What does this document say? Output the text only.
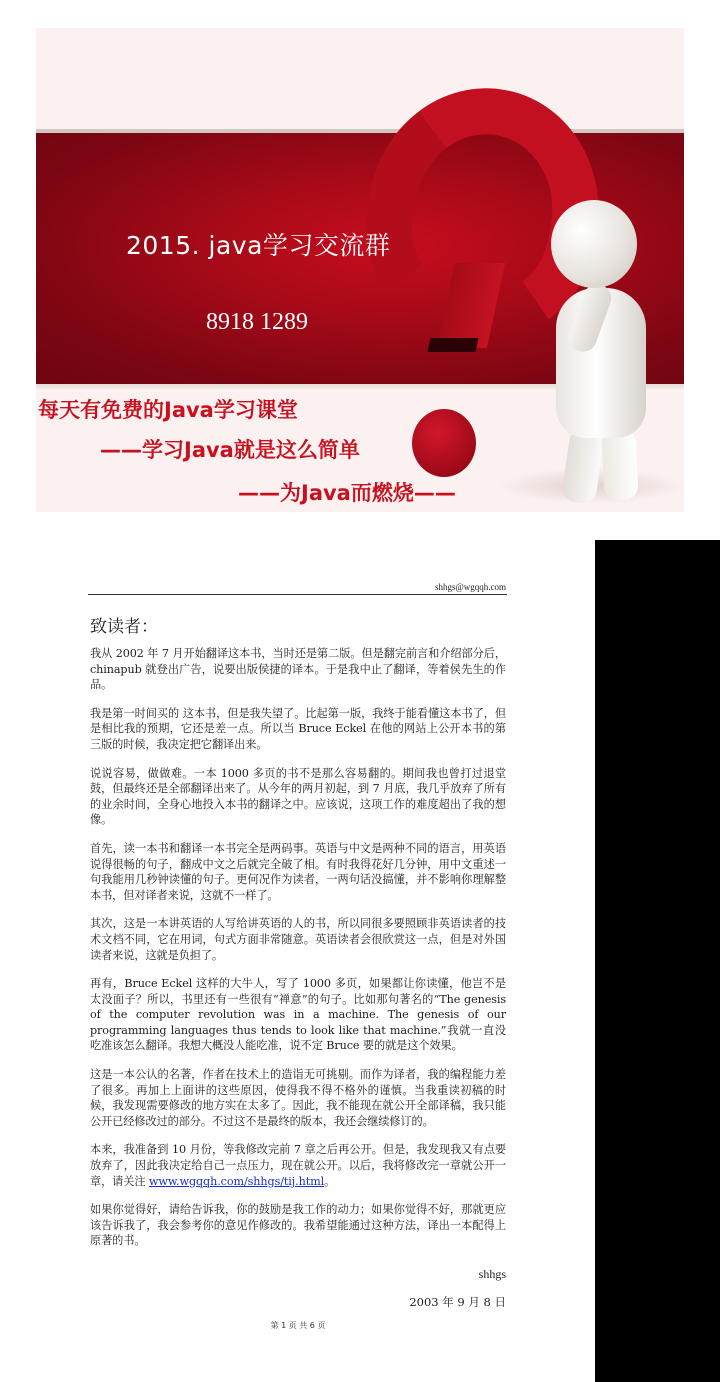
2015. java学习交流群
8918 1289
每天有免费的Java学习课堂
——学习Java就是这么简单
——为Java而燃烧——
shhgs@wgqqh.com
致读者：

我从 2002 年 7 月开始翻译这本书，当时还是第二版。但是翻完前言和介绍部分后，chinapub 就登出广告，说要出版侯捷的译本。于是我中止了翻译，等着侯先生的作品。

我是第一时间买的 这本书，但是我失望了。比起第一版，我终于能看懂这本书了，但是相比我的预期，它还是差一点。所以当 Bruce Eckel 在他的网站上公开本书的第三版的时候，我决定把它翻译出来。

说说容易，做做难。一本 1000 多页的书不是那么容易翻的。期间我也曾打过退堂鼓，但最终还是全部翻译出来了。从今年的两月初起，到 7 月底，我几乎放弃了所有的业余时间，全身心地投入本书的翻译之中。应该说，这项工作的难度超出了我的想像。

首先，读一本书和翻译一本书完全是两码事。英语与中文是两种不同的语言，用英语说得很畅的句子，翻成中文之后就完全破了相。有时我得花好几分钟，用中文重述一句我能用几秒钟读懂的句子。更何况作为读者，一两句话没搞懂，并不影响你理解整本书，但对译者来说，这就不一样了。

其次，这是一本讲英语的人写给讲英语的人的书，所以同很多要照顾非英语读者的技术文档不同，它在用词，句式方面非常随意。英语读者会很欣赏这一点，但是对外国读者来说，这就是负担了。

再有，Bruce Eckel 这样的大牛人，写了 1000 多页，如果都让你读懂，他岂不是太没面子？所以，书里还有一些很有“禅意”的句子。比如那句著名的“The genesis of the computer revolution was in a machine. The genesis of our programming languages thus tends to look like that machine.”我就一直没吃准该怎么翻译。我想大概没人能吃准，说不定 Bruce 要的就是这个效果。

这是一本公认的名著，作者在技术上的造诣无可挑剔。而作为译者，我的编程能力差了很多。再加上上面讲的这些原因，使得我不得不格外的谨慎。当我重读初稿的时候，我发现需要修改的地方实在太多了。因此，我不能现在就公开全部译稿，我只能公开已经修改过的部分。不过这不是最终的版本，我还会继续修订的。

本来，我准备到 10 月份，等我修改完前 7 章之后再公开。但是，我发现我又有点要放弃了，因此我决定给自己一点压力，现在就公开。以后，我将修改完一章就公开一章，请关注 www.wgqqh.com/shhgs/tij.html。

如果你觉得好，请给告诉我，你的鼓励是我工作的动力；如果你觉得不好，那就更应该告诉我了，我会参考你的意见作修改的。我希望能通过这种方法，译出一本配得上原著的书。

shhgs
2003 年 9 月 8 日
第 1 页 共 6 页
